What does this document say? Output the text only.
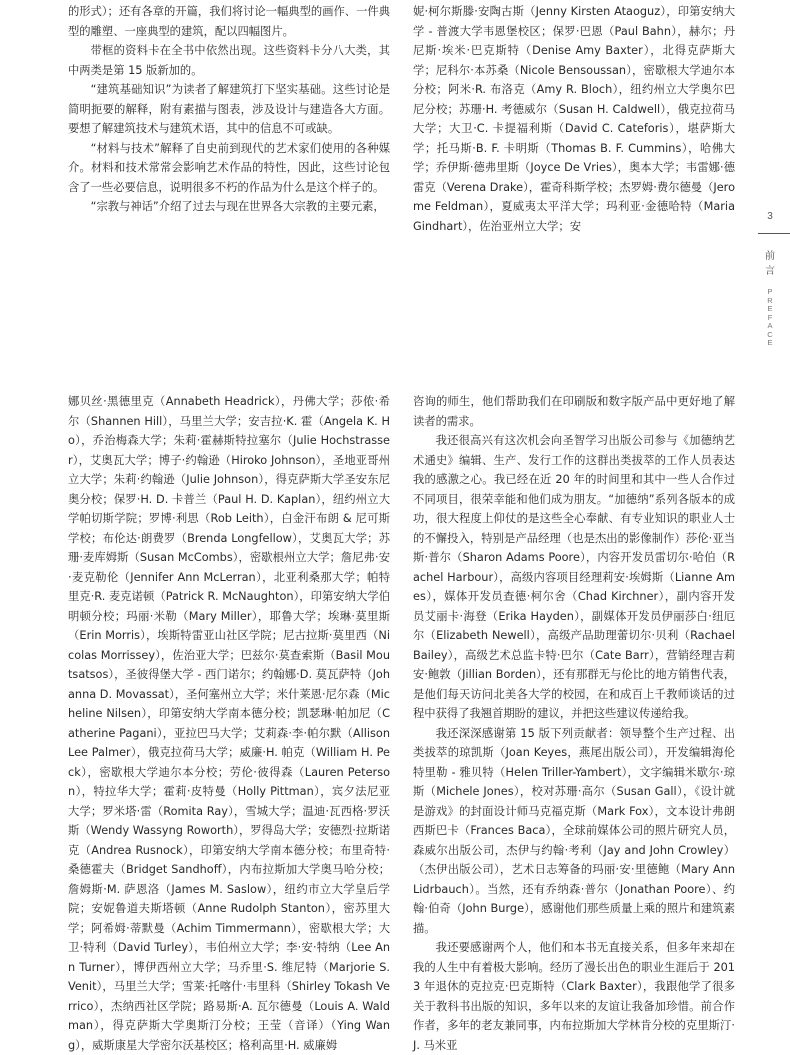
的形式）；还有各章的开篇，我们将讨论一幅典型的画作、一件典型的雕塑、一座典型的建筑，配以四幅图片。

带框的资料卡在全书中依然出现。这些资料卡分八大类，其中两类是第 15 版新加的。

“建筑基础知识”为读者了解建筑打下坚实基础。这些讨论是简明扼要的解释，附有素描与图表，涉及设计与建造各大方面。要想了解建筑技术与建筑术语，其中的信息不可或缺。

“材料与技术”解释了自史前到现代的艺术家们使用的各种媒介。材料和技术常常会影响艺术作品的特性，因此，这些讨论包含了一些必要信息，说明很多不朽的作品为什么是这个样子的。

“宗教与神话”介绍了过去与现在世界各大宗教的主要元素，

妮·柯尔斯滕·安陶古斯（Jenny Kirsten Ataoguz），印第安纳大学 - 普渡大学韦恩堡校区；保罗·巴恩（Paul Bahn），赫尔；丹尼斯·埃米·巴克斯特（Denise Amy Baxter），北得克萨斯大学；尼科尔·本苏桑（Nicole Bensoussan），密歇根大学迪尔本分校；阿米·R. 布洛克（Amy R. Bloch），纽约州立大学奥尔巴尼分校；苏珊·H. 考德威尔（Susan H. Caldwell），俄克拉荷马大学；大卫·C. 卡提福利斯（David C. Cateforis），堪萨斯大学；托马斯·B. F. 卡明斯（Thomas B. F. Cummins），哈佛大学；乔伊斯·德弗里斯（Joyce De Vries），奥本大学；韦雷娜·德雷克（Verena Drake），霍奇科斯学校；杰罗姆·费尔德曼（Jerome Feldman），夏威夷太平洋大学；玛利亚·金德哈特（Maria Gindhart），佐治亚州立大学；安

娜贝丝·黑德里克（Annabeth Headrick），丹佛大学；莎侬·希尔（Shannen Hill），马里兰大学；安吉拉·K. 霍（Angela K. Ho），乔治梅森大学；朱莉·霍赫斯特拉塞尔（Julie Hochstrasser），艾奥瓦大学；博子·约翰逊（Hiroko Johnson），圣地亚哥州立大学；朱莉·约翰逊（Julie Johnson），得克萨斯大学圣安东尼奥分校；保罗·H. D. 卡普兰（Paul H. D. Kaplan），纽约州立大学帕切斯学院；罗博·利思（Rob Leith），白金汗布朗 & 尼可斯学校；布伦达·朗费罗（Brenda Longfellow），艾奥瓦大学；苏珊·麦库姆斯（Susan McCombs），密歇根州立大学；詹尼弗·安·麦克勒伦（Jennifer Ann McLerran），北亚利桑那大学；帕特里克·R. 麦克诺顿（Patrick R. McNaughton），印第安纳大学伯明顿分校；玛丽·米勒（Mary Miller），耶鲁大学；埃琳·莫里斯（Erin Morris），埃斯特雷亚山社区学院；尼古拉斯·莫里西（Nicolas Morrissey），佐治亚大学；巴兹尔·莫查索斯（Basil Moutsatsos），圣彼得堡大学 - 西门诺尔；约翰娜·D. 莫瓦萨特（Johanna D. Movassat），圣何塞州立大学；米什莱恩·尼尔森（Micheline Nilsen），印第安纳大学南本德分校；凯瑟琳·帕加尼（Catherine Pagani），亚拉巴马大学；艾莉森·李·帕尔默（Allison Lee Palmer），俄克拉荷马大学；威廉·H. 帕克（William H. Peck），密歇根大学迪尔本分校；劳伦·彼得森（Lauren Peterson），特拉华大学；霍莉·皮特曼（Holly Pittman），宾夕法尼亚大学；罗米塔·雷（Romita Ray），雪城大学；温迪·瓦西格·罗沃斯（Wendy Wassyng Roworth），罗得岛大学；安德烈·拉斯诺克（Andrea Rusnock），印第安纳大学南本德分校；布里奇特·桑德霍夫（Bridget Sandhoff），内布拉斯加大学奥马哈分校；詹姆斯·M. 萨恩洛（James M. Saslow），纽约市立大学皇后学院；安妮鲁道夫斯塔顿（Anne Rudolph Stanton），密苏里大学；阿希姆·蒂默曼（Achim Timmermann），密歇根大学；大卫·特利（David Turley），韦伯州立大学；李·安·特纳（Lee Ann Turner），博伊西州立大学；马乔里·S. 维尼特（Marjorie S. Venit），马里兰大学；雪莱·托喀什·韦里科（Shirley Tokash Verrico），杰纳西社区学院；路易斯·A. 瓦尔德曼（Louis A. Waldman），得克萨斯大学奥斯汀分校；王莹（音译）（Ying Wang），威斯康星大学密尔沃基校区；格利高里·H. 威廉姆

咨询的师生，他们帮助我们在印刷版和数字版产品中更好地了解读者的需求。

我还很高兴有这次机会向圣智学习出版公司参与《加德纳艺术通史》编辑、生产、发行工作的这群出类拔萃的工作人员表达我的感激之心。我已经在近 20 年的时间里和其中一些人合作过不同项目，很荣幸能和他们成为朋友。“加德纳”系列各版本的成功，很大程度上仰仗的是这些全心奉献、有专业知识的职业人士的不懈投入，特别是产品经理（也是杰出的影像制作）莎伦·亚当斯·普尔（Sharon Adams Poore），内容开发员雷切尔·哈伯（Rachel Harbour），高级内容项目经理莉安·埃姆斯（Lianne Ames），媒体开发员查德·柯尔舍（Chad Kirchner），副内容开发员艾丽卡·海登（Erika Hayden），副媒体开发员伊丽莎白·纽厄尔（Elizabeth Newell），高级产品助理蕾切尔·贝利（Rachael Bailey），高级艺术总监卡特·巴尔（Cate Barr），营销经理吉莉安·鲍敦（Jillian Borden），还有那群无与伦比的地方销售代表，是他们每天访问北美各大学的校园，在和成百上千教师谈话的过程中获得了我翘首期盼的建议，并把这些建议传递给我。

我还深深感谢第 15 版下列贡献者：领导整个生产过程、出类拔萃的琼凯斯（Joan Keyes，燕尾出版公司），开发编辑海伦特里勒 - 雅贝特（Helen Triller-Yambert），文字编辑米歇尔·琼斯（Michele Jones），校对苏珊·高尔（Susan Gall），《设计就是游戏》的封面设计师马克福克斯（Mark Fox），文本设计弗朗西斯巴卡（Frances Baca），全球前媒体公司的照片研究人员，森威尔出版公司，杰伊与约翰·考利（Jay and John Crowley）（杰伊出版公司），艺术日志筹备的玛丽·安·里德鲍（Mary Ann Lidrbauch）。当然，还有乔纳森·普尔（Jonathan Poore）、约翰·伯奇（John Burge），感谢他们那些质量上乘的照片和建筑素描。

我还要感谢两个人，他们和本书无直接关系，但多年来却在我的人生中有着极大影响。经历了漫长出色的职业生涯后于 2013 年退休的克拉克·巴克斯特（Clark Baxter），我跟他学了很多关于教科书出版的知识，多年以来的友谊让我备加珍惜。前合作作者，多年的老友兼同事，内布拉斯加大学林肯分校的克里斯汀·J. 马米亚

3
前
言
P
R
E
F
A
C
E
